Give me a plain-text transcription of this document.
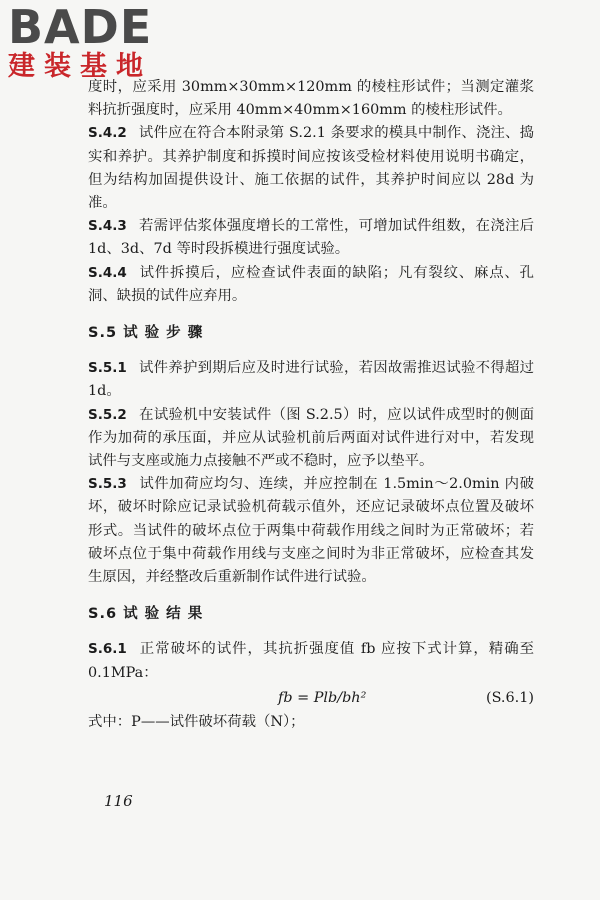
BADE
建装基地

度时，应采用 30mm×30mm×120mm 的棱柱形试件；当测定灌浆料抗折强度时，应采用 40mm×40mm×160mm 的棱柱形试件。

S.4.2 试件应在符合本附录第 S.2.1 条要求的模具中制作、浇注、捣实和养护。其养护制度和拆摸时间应按该受检材料使用说明书确定，但为结构加固提供设计、施工依据的试件，其养护时间应以 28d 为准。

S.4.3 若需评估浆体强度增长的工常性，可增加试件组数，在浇注后 1d、3d、7d 等时段拆模进行强度试验。

S.4.4 试件拆摸后，应检查试件表面的缺陷；凡有裂纹、麻点、孔洞、缺损的试件应弃用。

S.5 试 验 步 骤

S.5.1 试件养护到期后应及时进行试验，若因故需推迟试验不得超过 1d。

S.5.2 在试验机中安装试件（图 S.2.5）时，应以试件成型时的侧面作为加荷的承压面，并应从试验机前后两面对试件进行对中，若发现试件与支座或施力点接触不严或不稳时，应予以垫平。

S.5.3 试件加荷应均匀、连续，并应控制在 1.5min～2.0min 内破坏，破坏时除应记录试验机荷载示值外，还应记录破坏点位置及破坏形式。当试件的破坏点位于两集中荷载作用线之间时为正常破坏；若破坏点位于集中荷载作用线与支座之间时为非正常破坏，应检查其发生原因，并经整改后重新制作试件进行试验。

S.6 试 验 结 果

S.6.1 正常破坏的试件，其抗折强度值 fb 应按下式计算，精确至 0.1MPa：

fb = Plb/bh²	(S.6.1)

式中：P——试件破坏荷载（N）；

116
